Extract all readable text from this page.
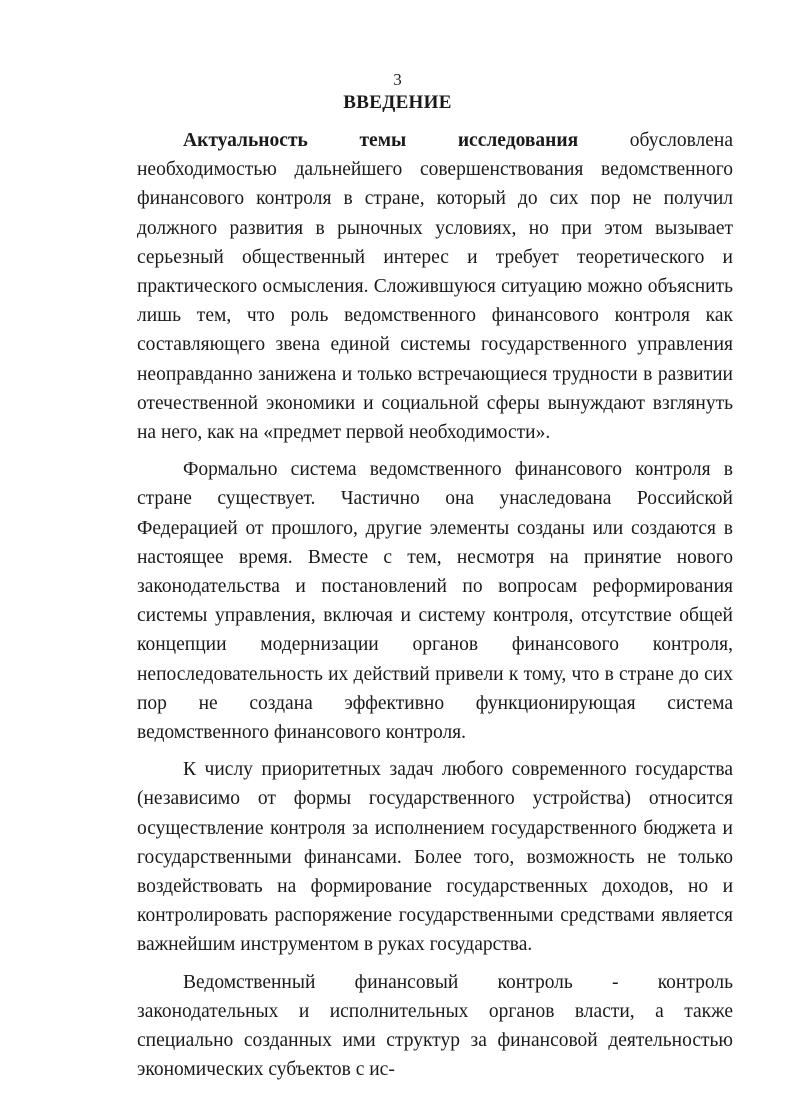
3
ВВЕДЕНИЕ

Актуальность темы исследования обусловлена необходимостью дальнейшего совершенствования ведомственного финансового контроля в стране, который до сих пор не получил должного развития в рыночных условиях, но при этом вызывает серьезный общественный интерес и требует теоретического и практического осмысления. Сложившуюся ситуацию можно объяснить лишь тем, что роль ведомственного финансового контроля как составляющего звена единой системы государственного управления неоправданно занижена и только встречающиеся трудности в развитии отечественной экономики и социальной сферы вынуждают взглянуть на него, как на «предмет первой необходимости».

Формально система ведомственного финансового контроля в стране существует. Частично она унаследована Российской Федерацией от прошлого, другие элементы созданы или создаются в настоящее время. Вместе с тем, несмотря на принятие нового законодательства и постановлений по вопросам реформирования системы управления, включая и систему контроля, отсутствие общей концепции модернизации органов финансового контроля, непоследовательность их действий привели к тому, что в стране до сих пор не создана эффективно функционирующая система ведомственного финансового контроля.

К числу приоритетных задач любого современного государства (независимо от формы государственного устройства) относится осуществление контроля за исполнением государственного бюджета и государственными финансами. Более того, возможность не только воздействовать на формирование государственных доходов, но и контролировать распоряжение государственными средствами является важнейшим инструментом в руках государства.

Ведомственный финансовый контроль - контроль законодательных и исполнительных органов власти, а также специально созданных ими структур за финансовой деятельностью экономических субъектов с ис-
